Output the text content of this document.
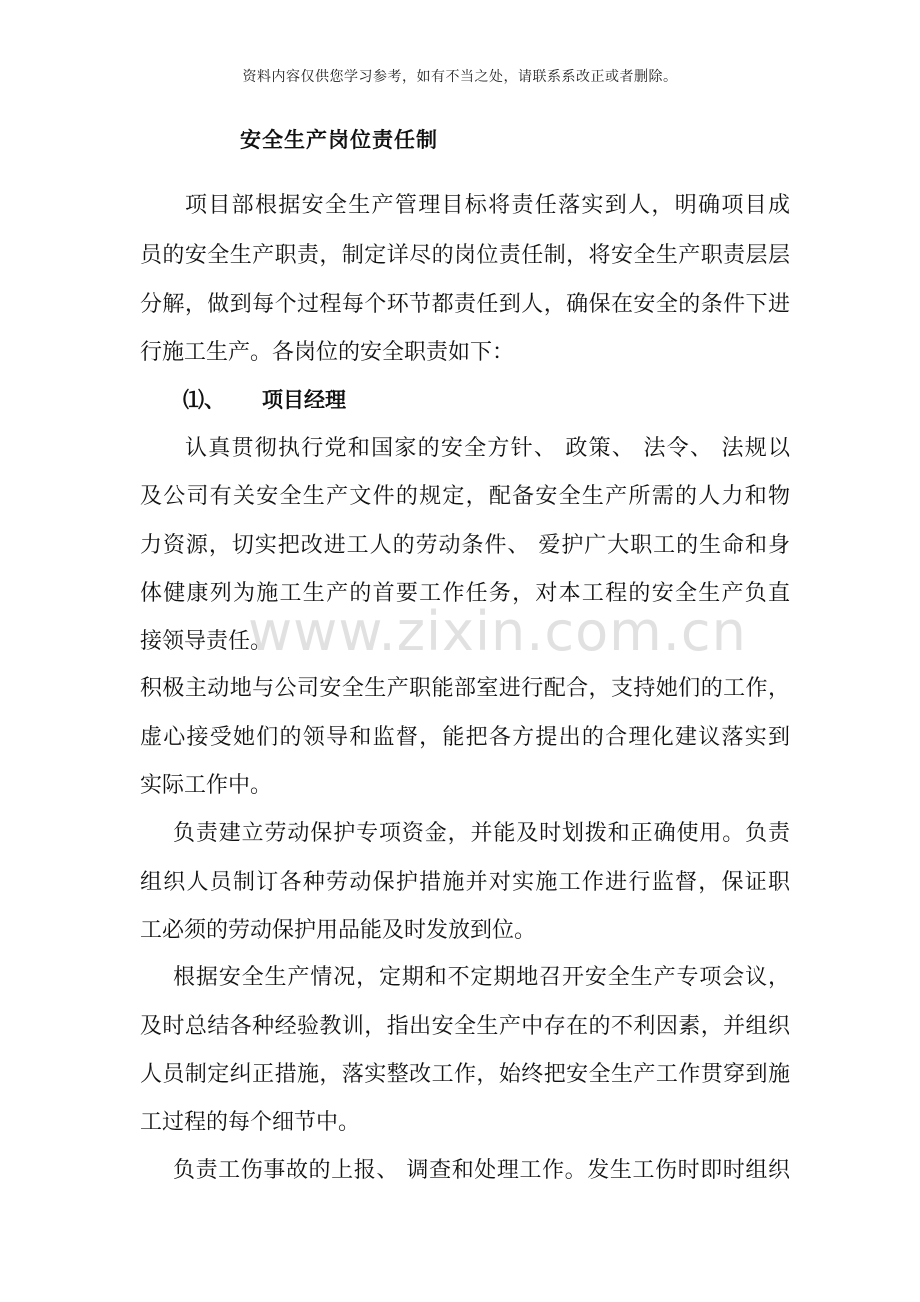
资料内容仅供您学习参考，如有不当之处，请联系系改正或者删除。
安全生产岗位责任制
项目部根据安全生产管理目标将责任落实到人，明确项目成
员的安全生产职责，制定详尽的岗位责任制，将安全生产职责层层
分解，做到每个过程每个环节都责任到人，确保在安全的条件下进
行施工生产。各岗位的安全职责如下：
⑴、 项目经理
认真贯彻执行党和国家的安全方针、 政策、 法令、 法规以
及公司有关安全生产文件的规定，配备安全生产所需的人力和物
力资源，切实把改进工人的劳动条件、 爱护广大职工的生命和身
体健康列为施工生产的首要工作任务，对本工程的安全生产负直
接领导责任。
积极主动地与公司安全生产职能部室进行配合，支持她们的工作，
虚心接受她们的领导和监督，能把各方提出的合理化建议落实到
实际工作中。
负责建立劳动保护专项资金，并能及时划拨和正确使用。负责
组织人员制订各种劳动保护措施并对实施工作进行监督，保证职
工必须的劳动保护用品能及时发放到位。
根据安全生产情况，定期和不定期地召开安全生产专项会议，
及时总结各种经验教训，指出安全生产中存在的不利因素，并组织
人员制定纠正措施，落实整改工作，始终把安全生产工作贯穿到施
工过程的每个细节中。
负责工伤事故的上报、 调查和处理工作。发生工伤时即时组织
www.zixin.com.cn
